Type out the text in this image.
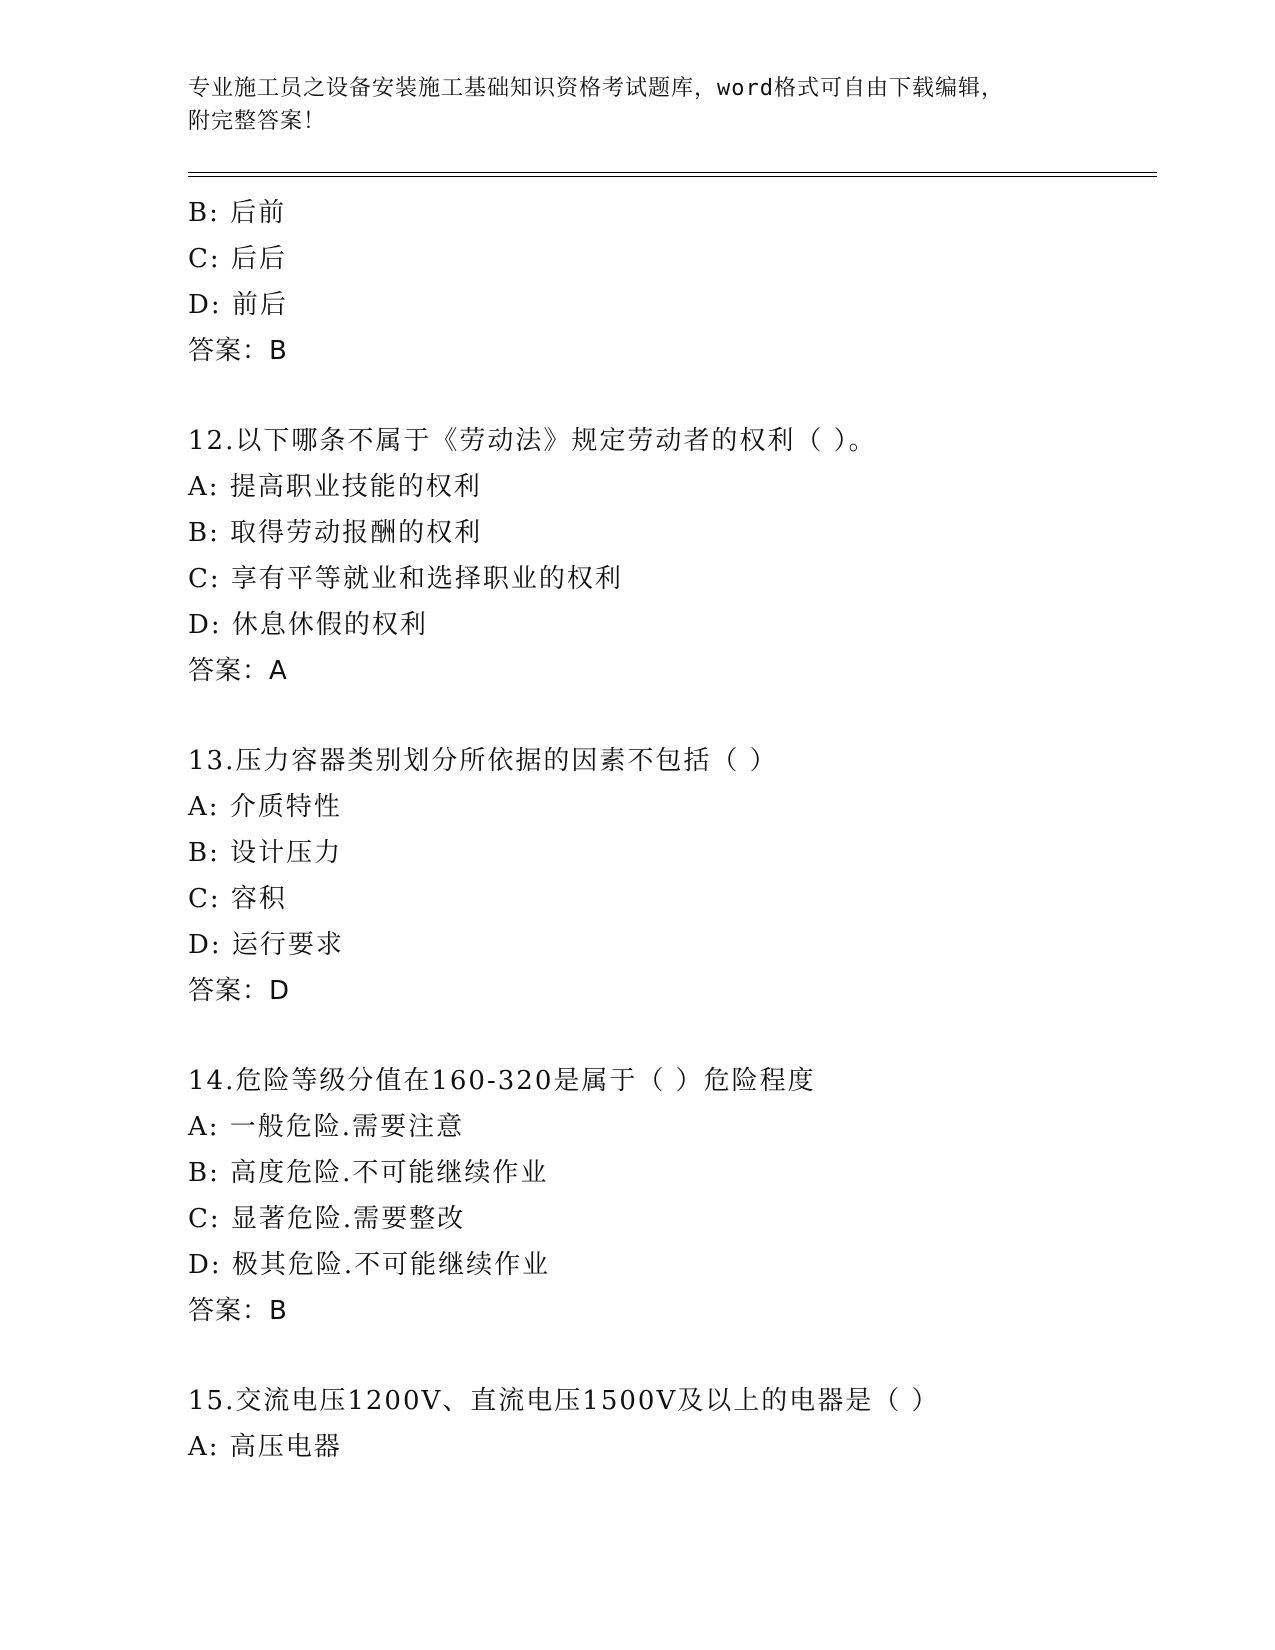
专业施工员之设备安装施工基础知识资格考试题库，word格式可自由下载编辑，
附完整答案！
B: 后前
C: 后后
D: 前后
答案：B
12.以下哪条不属于《劳动法》规定劳动者的权利（ ）。
A: 提高职业技能的权利
B: 取得劳动报酬的权利
C: 享有平等就业和选择职业的权利
D: 休息休假的权利
答案：A
13.压力容器类别划分所依据的因素不包括（ ）
A: 介质特性
B: 设计压力
C: 容积
D: 运行要求
答案：D
14.危险等级分值在160-320是属于（ ）危险程度
A: 一般危险.需要注意
B: 高度危险.不可能继续作业
C: 显著危险.需要整改
D: 极其危险.不可能继续作业
答案：B
15.交流电压1200V、直流电压1500V及以上的电器是（ ）
A: 高压电器
